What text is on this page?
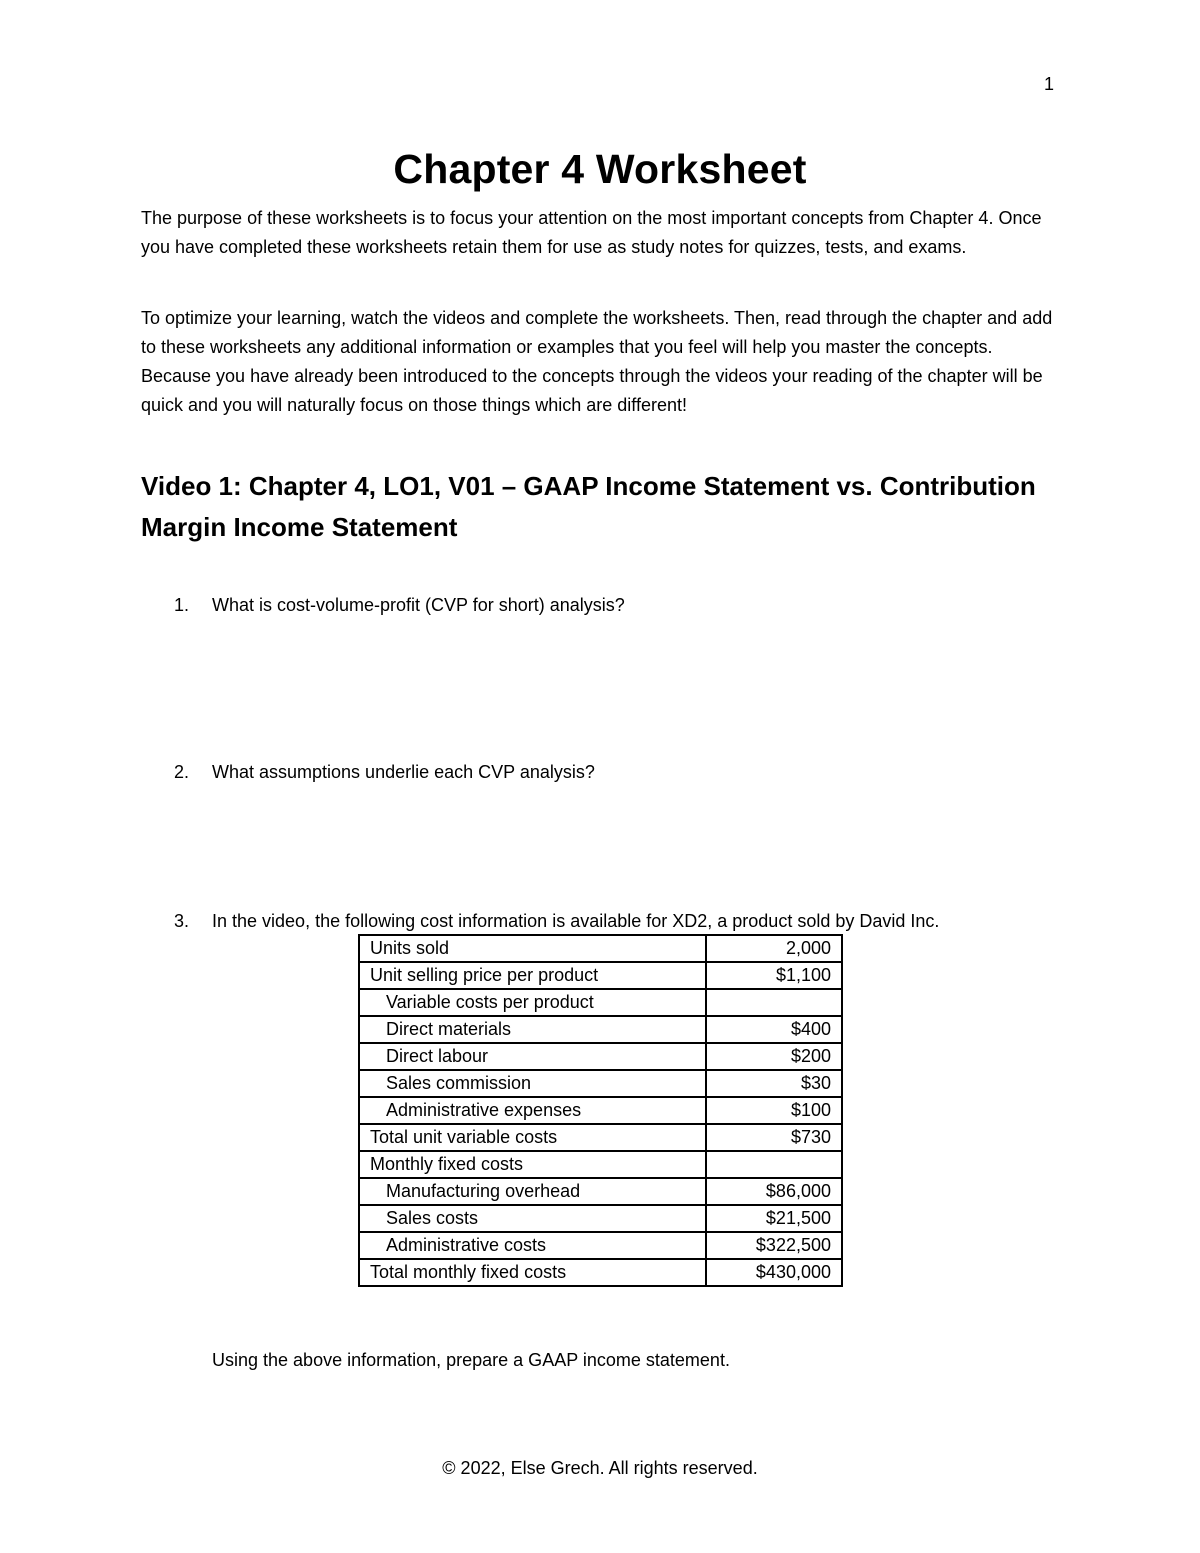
1
Chapter 4 Worksheet

The purpose of these worksheets is to focus your attention on the most important concepts from Chapter 4. Once you have completed these worksheets retain them for use as study notes for quizzes, tests, and exams.

To optimize your learning, watch the videos and complete the worksheets. Then, read through the chapter and add to these worksheets any additional information or examples that you feel will help you master the concepts. Because you have already been introduced to the concepts through the videos your reading of the chapter will be quick and you will naturally focus on those things which are different!

Video 1: Chapter 4, LO1, V01 – GAAP Income Statement vs. Contribution Margin Income Statement
1. What is cost-volume-profit (CVP for short) analysis?
2. What assumptions underlie each CVP analysis?
3. In the video, the following cost information is available for XD2, a product sold by David Inc.
Units sold	2,000
Unit selling price per product	$1,100
Variable costs per product	
Direct materials	$400
Direct labour	$200
Sales commission	$30
Administrative expenses	$100
Total unit variable costs	$730
Monthly fixed costs	
Manufacturing overhead	$86,000
Sales costs	$21,500
Administrative costs	$322,500
Total monthly fixed costs	$430,000
Using the above information, prepare a GAAP income statement.
© 2022, Else Grech. All rights reserved.
